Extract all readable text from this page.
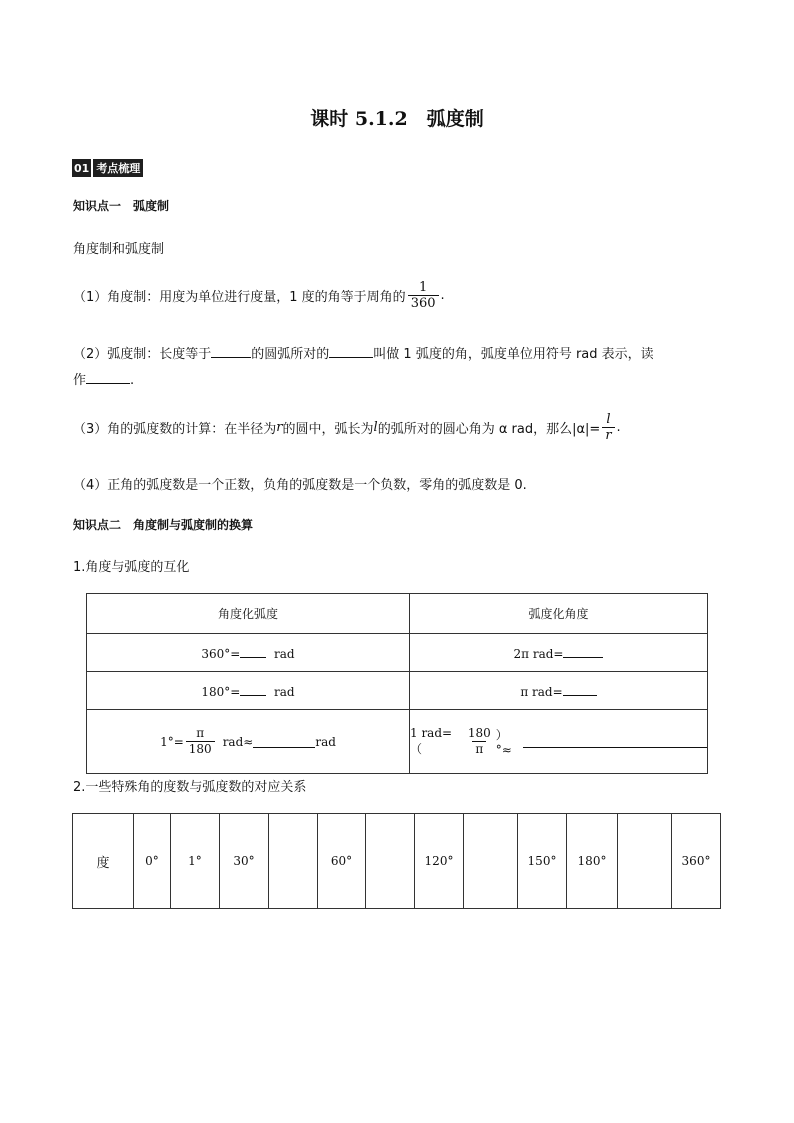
课时 5.1.2　弧度制
01 考点梳理
知识点一　弧度制
角度制和弧度制
（1）角度制：用度为单位进行度量，1 度的角等于周角的 $\frac{1}{360}$ .
（2）弧度制：长度等于	的圆弧所对的	叫做 1 弧度的角，弧度单位用符号 rad 表示，读
作	.
（3）角的弧度数的计算：在半径为 r 的圆中，弧长为 l 的弧所对的圆心角为 α rad，那么$|\alpha|= \frac{l}{r}$ .
（4）正角的弧度数是一个正数，负角的弧度数是一个负数，零角的弧度数是 0.
知识点二　角度制与弧度制的换算
1.角度与弧度的互化
角度化弧度	弧度化角度
360°= rad	2π rad=
180°= rad	π rad=

$1^\circ= \frac{\pi}{180} rad\approx$ rad	1 $rad=( \frac{180}{\pi}$ ）°≈
2.一些特殊角的度数与弧度数的对应关系
度	0°	1°	30°		60°		120°		150°	180°		360°
